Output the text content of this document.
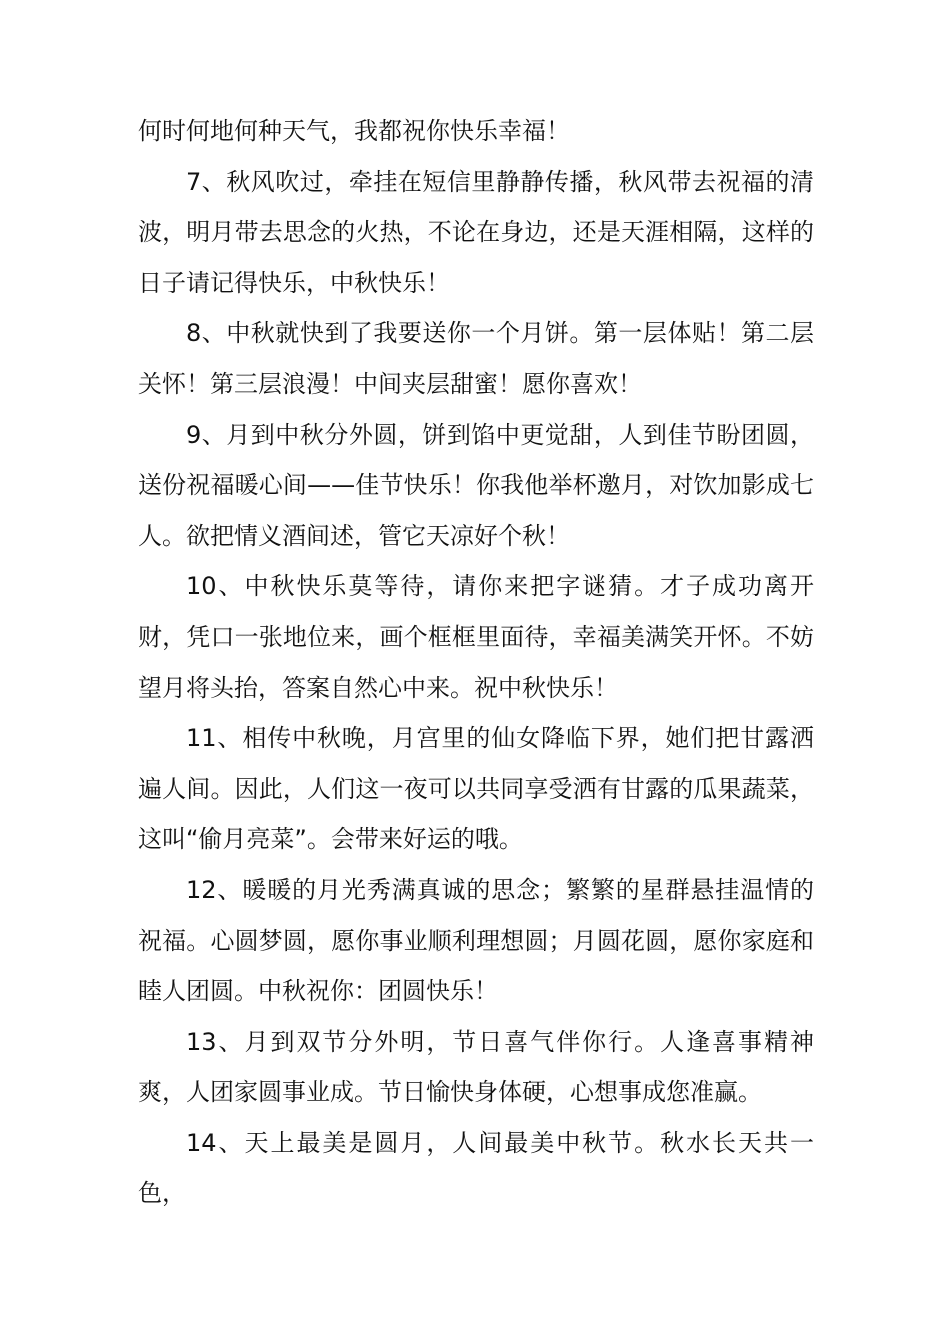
何时何地何种天气，我都祝你快乐幸福！

7、秋风吹过，牵挂在短信里静静传播，秋风带去祝福的清波，明月带去思念的火热，不论在身边，还是天涯相隔，这样的日子请记得快乐，中秋快乐！

8、中秋就快到了我要送你一个月饼。第一层体贴！第二层关怀！第三层浪漫！中间夹层甜蜜！愿你喜欢！

9、月到中秋分外圆，饼到馅中更觉甜，人到佳节盼团圆，送份祝福暖心间——佳节快乐！你我他举杯邀月，对饮加影成七人。欲把情义酒间述，管它天凉好个秋！

10、中秋快乐莫等待，请你来把字谜猜。才子成功离开财，凭口一张地位来，画个框框里面待，幸福美满笑开怀。不妨望月将头抬，答案自然心中来。祝中秋快乐！

11、相传中秋晚，月宫里的仙女降临下界，她们把甘露洒遍人间。因此，人们这一夜可以共同享受洒有甘露的瓜果蔬菜，这叫“偷月亮菜”。会带来好运的哦。

12、暖暖的月光秀满真诚的思念；繁繁的星群悬挂温情的祝福。心圆梦圆，愿你事业顺利理想圆；月圆花圆，愿你家庭和睦人团圆。中秋祝你：团圆快乐！

13、月到双节分外明，节日喜气伴你行。人逢喜事精神爽，人团家圆事业成。节日愉快身体硬，心想事成您准赢。

14、天上最美是圆月，人间最美中秋节。秋水长天共一色，
